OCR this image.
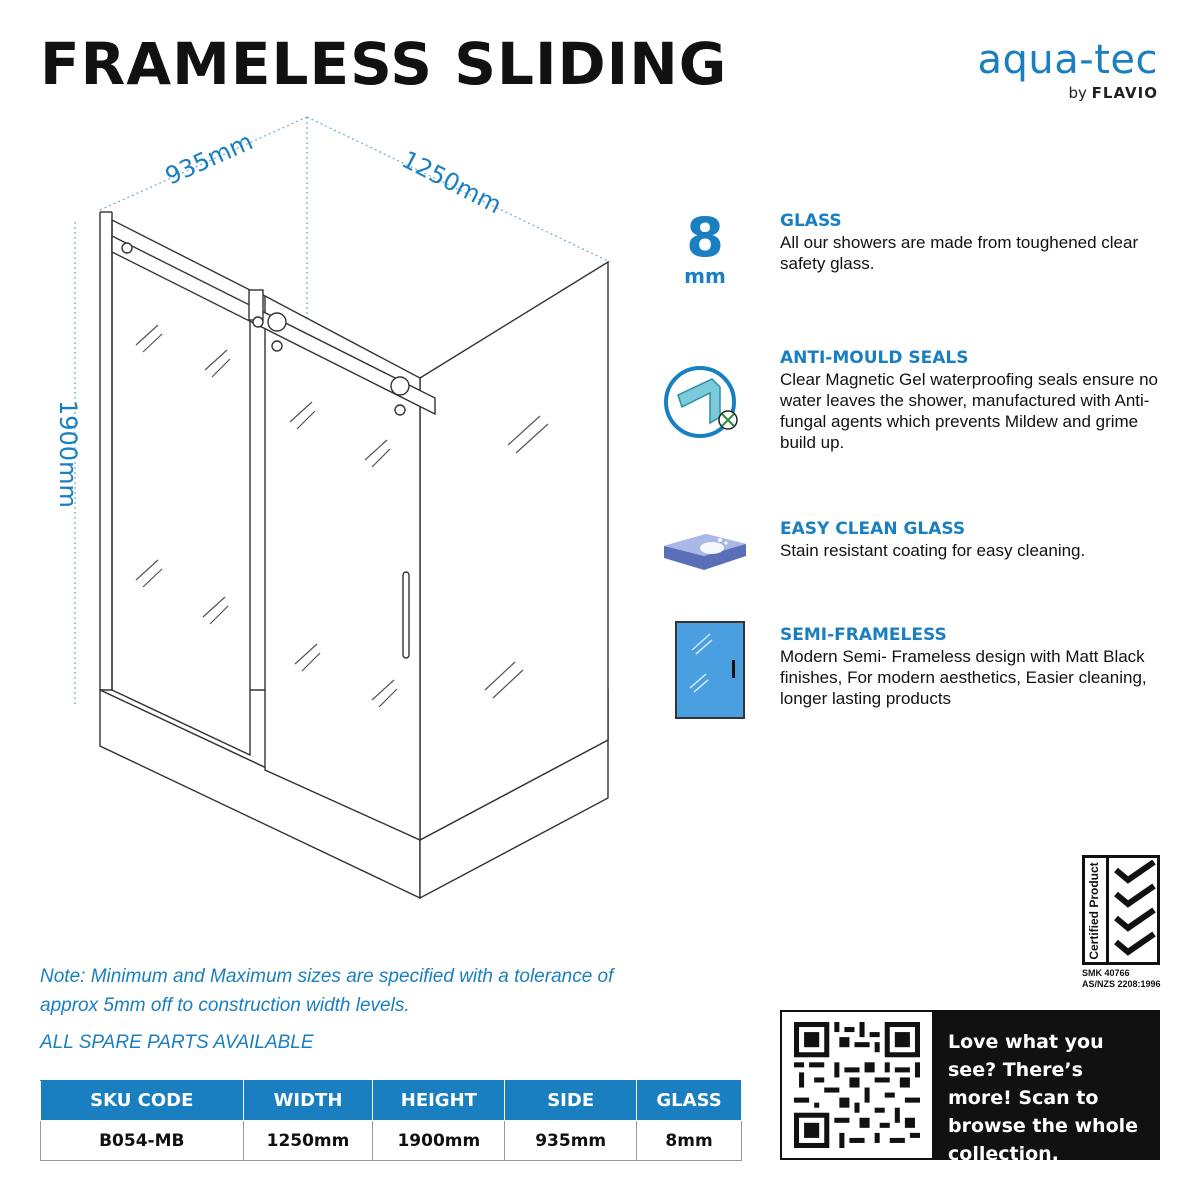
FRAMELESS SLIDING	aqua-tec
by FLAVIO
935mm	1250mm
1900mm
8
mm
GLASS
All our showers are made from toughened clear safety glass.
ANTI-MOULD SEALS
Clear Magnetic Gel waterproofing seals ensure no water leaves the shower, manufactured with Anti-fungal agents which prevents Mildew and grime build up.
EASY CLEAN GLASS
Stain resistant coating for easy cleaning.
SEMI-FRAMELESS
Modern Semi- Frameless design with Matt Black finishes, For modern aesthetics, Easier cleaning, longer lasting products
Note: Minimum and Maximum sizes are specified with a tolerance of approx 5mm off to construction width levels.
ALL SPARE PARTS AVAILABLE
SKU CODE	WIDTH	HEIGHT	SIDE	GLASS
B054-MB	1250mm	1900mm	935mm	8mm
Certified Product
SMK 40766
AS/NZS 2208:1996
Love what you see? There’s more! Scan to browse the whole collection.
